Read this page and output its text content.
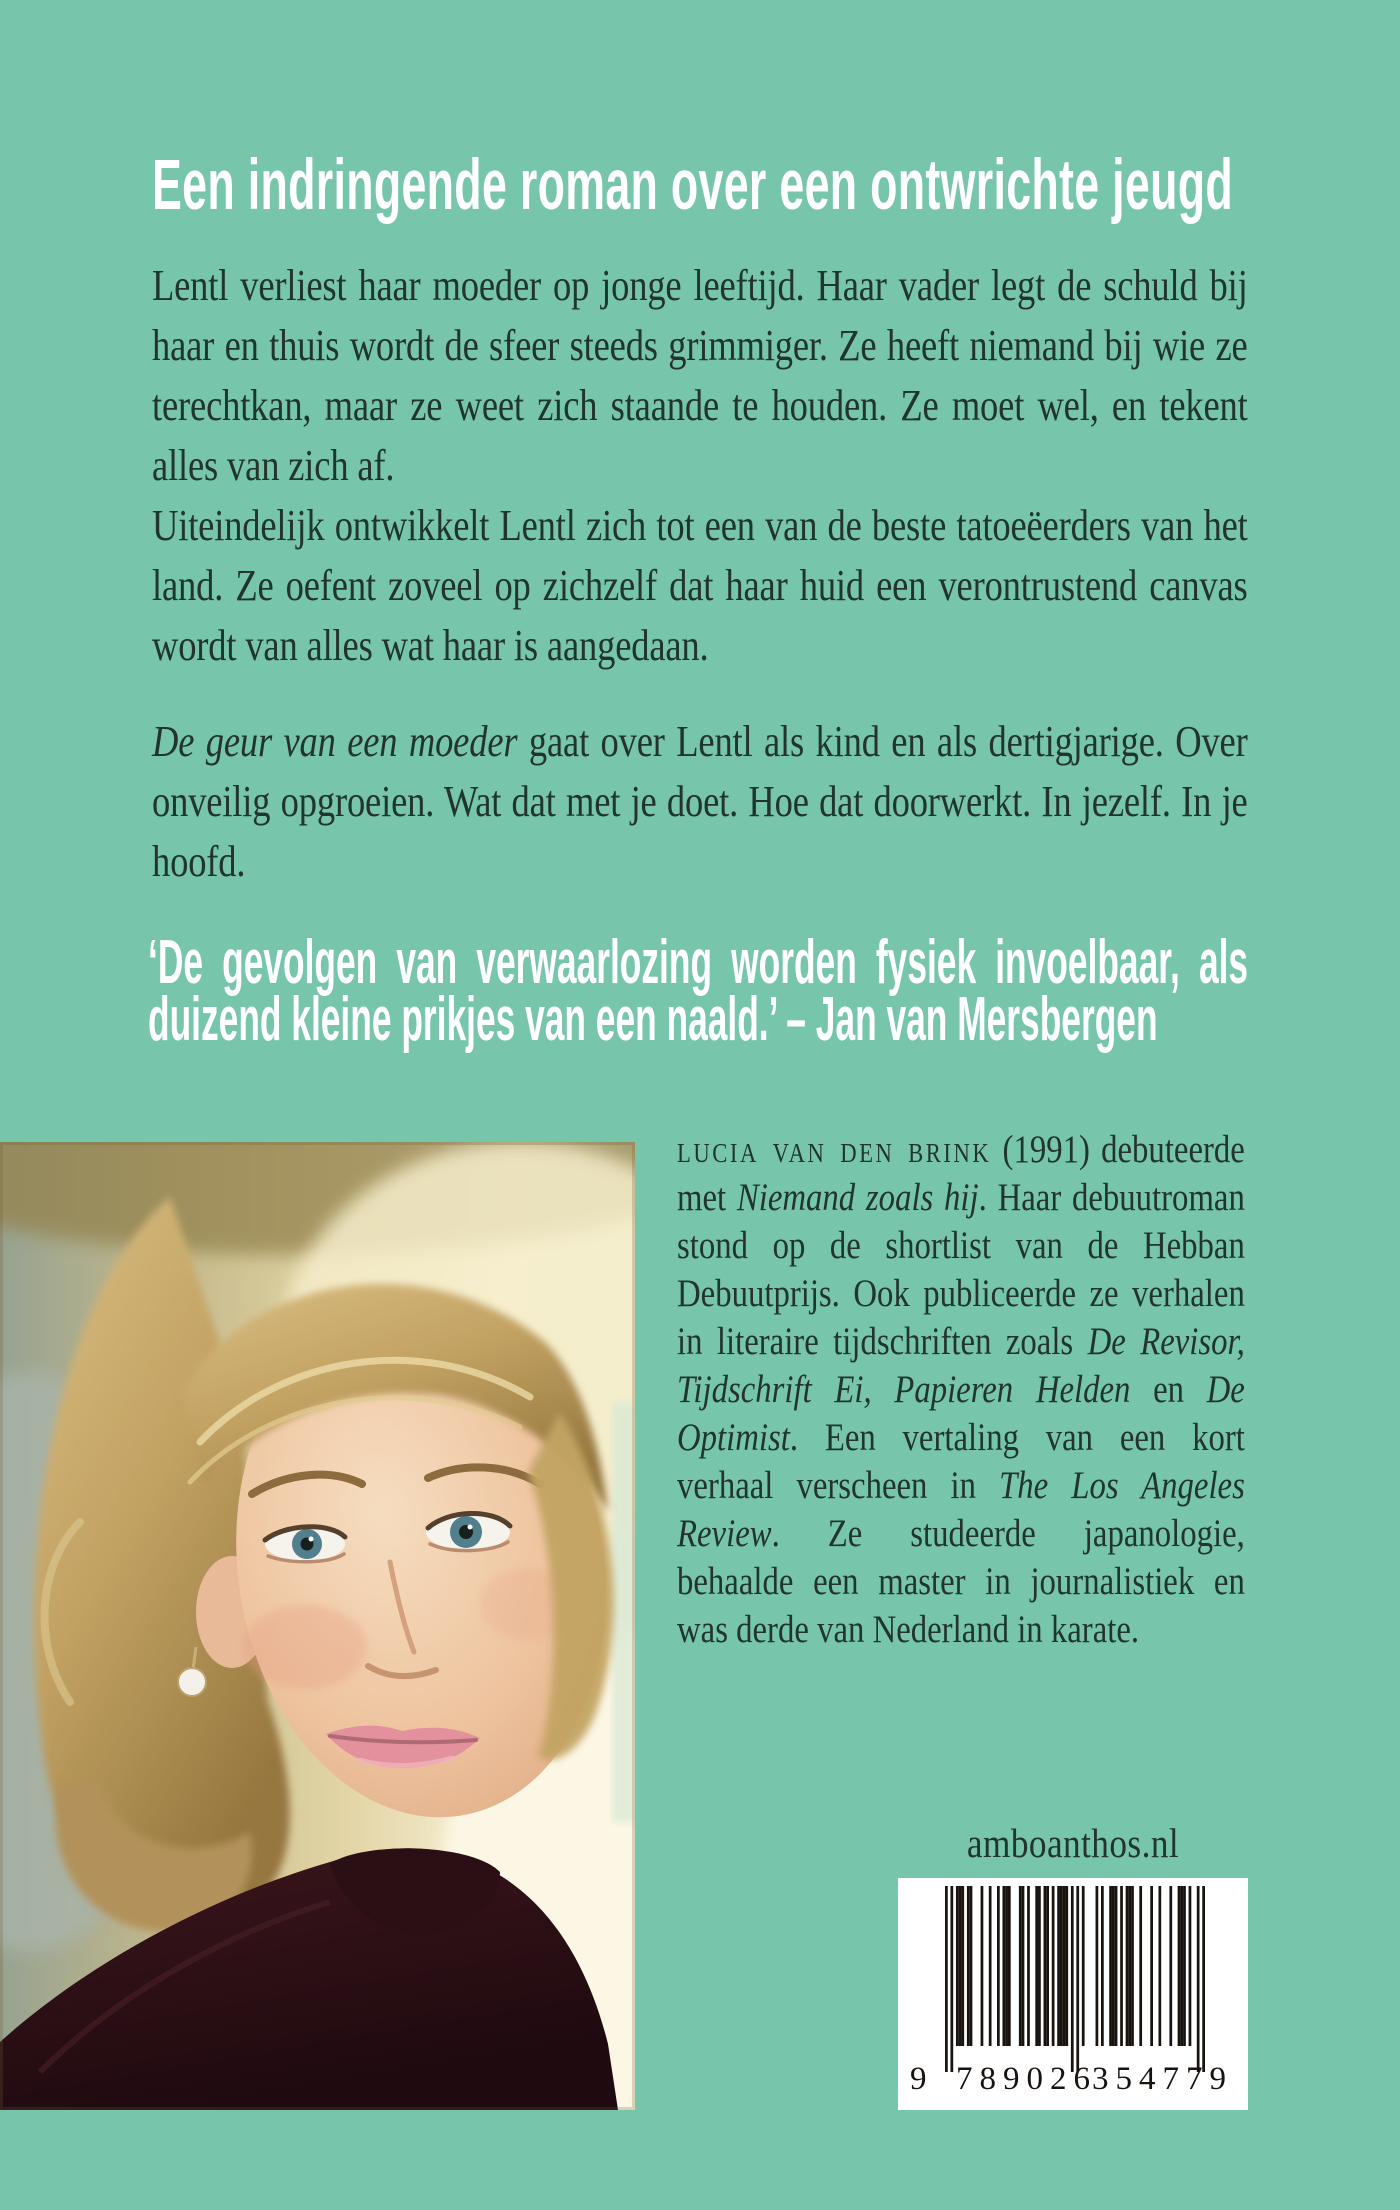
Een indringende roman over een ontwrichte jeugd

Lentl verliest haar moeder op jonge leeftijd. Haar vader legt de schuld bij haar en thuis wordt de sfeer steeds grimmiger. Ze heeft niemand bij wie ze terechtkan, maar ze weet zich staande te houden. Ze moet wel, en tekent alles van zich af.

Uiteindelijk ontwikkelt Lentl zich tot een van de beste tatoeëerders van het land. Ze oefent zoveel op zichzelf dat haar huid een verontrustend canvas wordt van alles wat haar is aangedaan.

De geur van een moeder gaat over Lentl als kind en als dertigjarige. Over onveilig opgroeien. Wat dat met je doet. Hoe dat doorwerkt. In jezelf. In je hoofd.

‘De gevolgen van verwaarlozing worden fysiek invoelbaar, als duizend kleine prikjes van een naald.’ – Jan van Mersbergen
lucia van den brink (1991) debuteerde met Niemand zoals hij. Haar debuutroman stond op de shortlist van de Hebban Debuutprijs. Ook publiceerde ze verhalen in literaire tijdschriften zoals De Revisor, Tijdschrift Ei, Papieren Helden en De Optimist. Een vertaling van een kort verhaal verscheen in The Los Angeles Review. Ze studeerde japanologie, behaalde een master in journalistiek en was derde van Nederland in karate.
amboanthos.nl
9 789026
354779
